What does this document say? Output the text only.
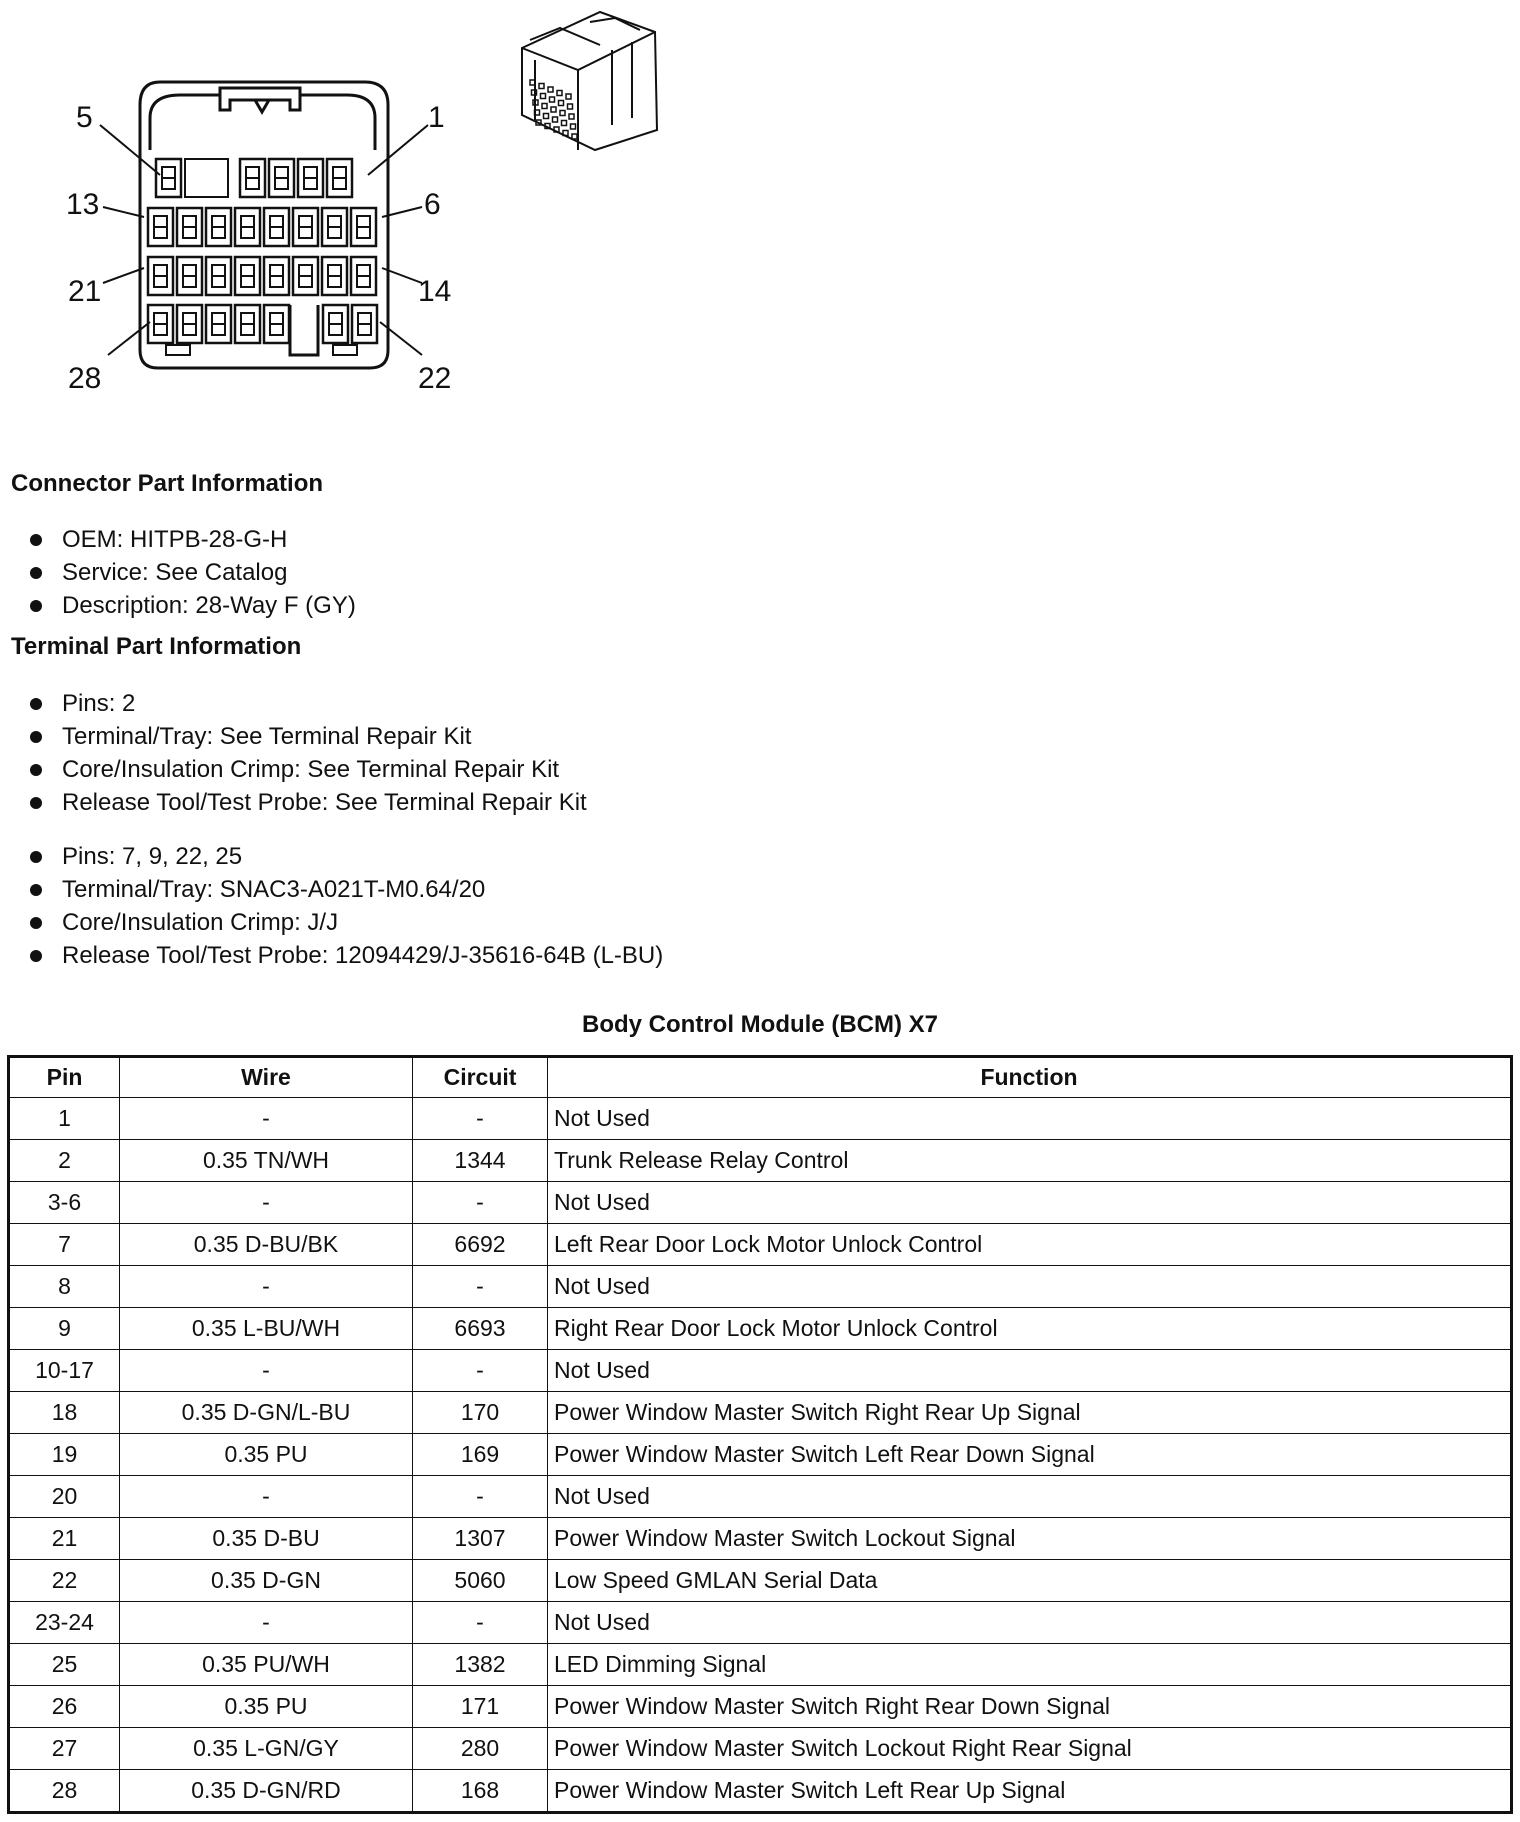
5	1
13	6
21	14
28	22
Connector Part Information
OEM: HITPB-28-G-H
Service: See Catalog
Description: 28-Way F (GY)
Terminal Part Information
Pins: 2
Terminal/Tray: See Terminal Repair Kit
Core/Insulation Crimp: See Terminal Repair Kit
Release Tool/Test Probe: See Terminal Repair Kit
Pins: 7, 9, 22, 25
Terminal/Tray: SNAC3-A021T-M0.64/20
Core/Insulation Crimp: J/J
Release Tool/Test Probe: 12094429/J-35616-64B (L-BU)
Body Control Module (BCM) X7
Pin	Wire	Circuit	Function
1	-	-	Not Used
2	0.35 TN/WH	1344	Trunk Release Relay Control
3-6	-	-	Not Used
7	0.35 D-BU/BK	6692	Left Rear Door Lock Motor Unlock Control
8	-	-	Not Used
9	0.35 L-BU/WH	6693	Right Rear Door Lock Motor Unlock Control
10-17	-	-	Not Used
18	0.35 D-GN/L-BU	170	Power Window Master Switch Right Rear Up Signal
19	0.35 PU	169	Power Window Master Switch Left Rear Down Signal
20	-	-	Not Used
21	0.35 D-BU	1307	Power Window Master Switch Lockout Signal
22	0.35 D-GN	5060	Low Speed GMLAN Serial Data
23-24	-	-	Not Used
25	0.35 PU/WH	1382	LED Dimming Signal
26	0.35 PU	171	Power Window Master Switch Right Rear Down Signal
27	0.35 L-GN/GY	280	Power Window Master Switch Lockout Right Rear Signal
28	0.35 D-GN/RD	168	Power Window Master Switch Left Rear Up Signal
